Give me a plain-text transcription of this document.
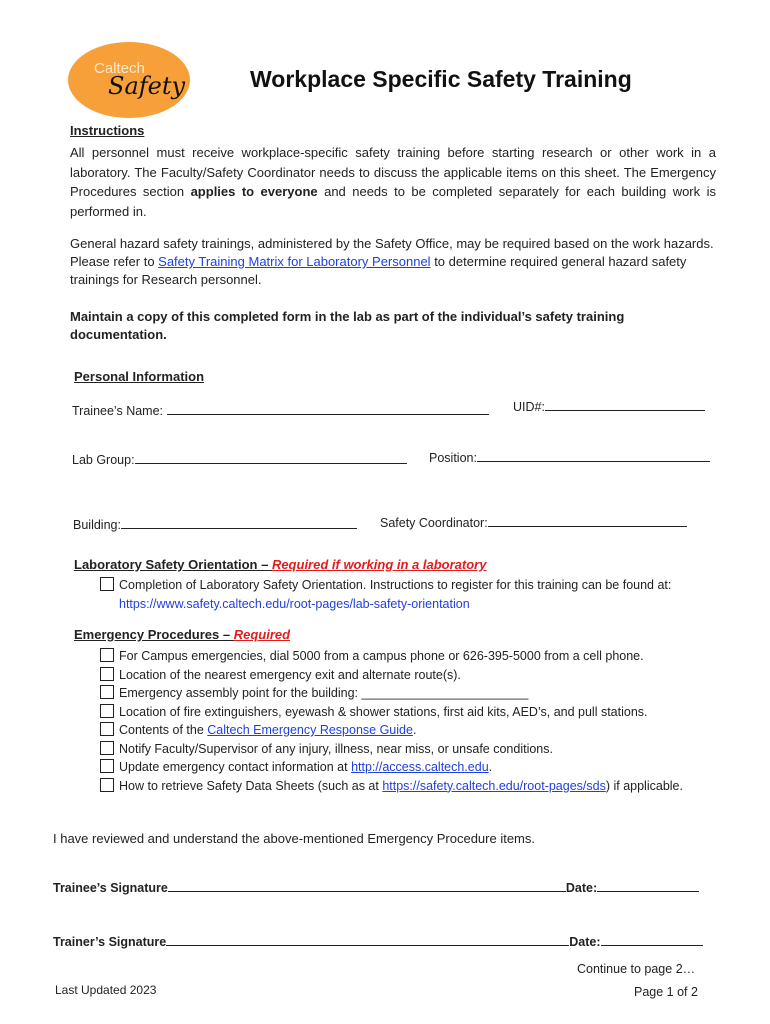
Caltech
Safety	Workplace Specific Safety Training
Instructions
All personnel must receive workplace-specific safety training before starting research or other work in a laboratory. The Faculty/Safety Coordinator needs to discuss the applicable items on this sheet. The Emergency Procedures section applies to everyone and needs to be completed separately for each building work is performed in.
General hazard safety trainings, administered by the Safety Office, may be required based on the work hazards. Please refer to Safety Training Matrix for Laboratory Personnel to determine required general hazard safety trainings for Research personnel.
Maintain a copy of this completed form in the lab as part of the individual’s safety training documentation.
Personal Information
Trainee’s Name:	UID#:
Lab Group:	Position:
Building:	Safety Coordinator:
Laboratory Safety Orientation – Required if working in a laboratory
Completion of Laboratory Safety Orientation. Instructions to register for this training can be found at:
https://www.safety.caltech.edu/root-pages/lab-safety-orientation
Emergency Procedures – Required
For Campus emergencies, dial 5000 from a campus phone or 626-395-5000 from a cell phone.
Location of the nearest emergency exit and alternate route(s).
Emergency assembly point for the building: ________________________
Location of fire extinguishers, eyewash & shower stations, first aid kits, AED’s, and pull stations.
Contents of the Caltech Emergency Response Guide.
Notify Faculty/Supervisor of any injury, illness, near miss, or unsafe conditions.
Update emergency contact information at http://access.caltech.edu.
How to retrieve Safety Data Sheets (such as at https://safety.caltech.edu/root-pages/sds) if applicable.
I have reviewed and understand the above-mentioned Emergency Procedure items.
Trainee’s Signature	Date:
Trainer’s Signature	Date:
Continue to page 2…
Last Updated 2023	Page 1 of 2
